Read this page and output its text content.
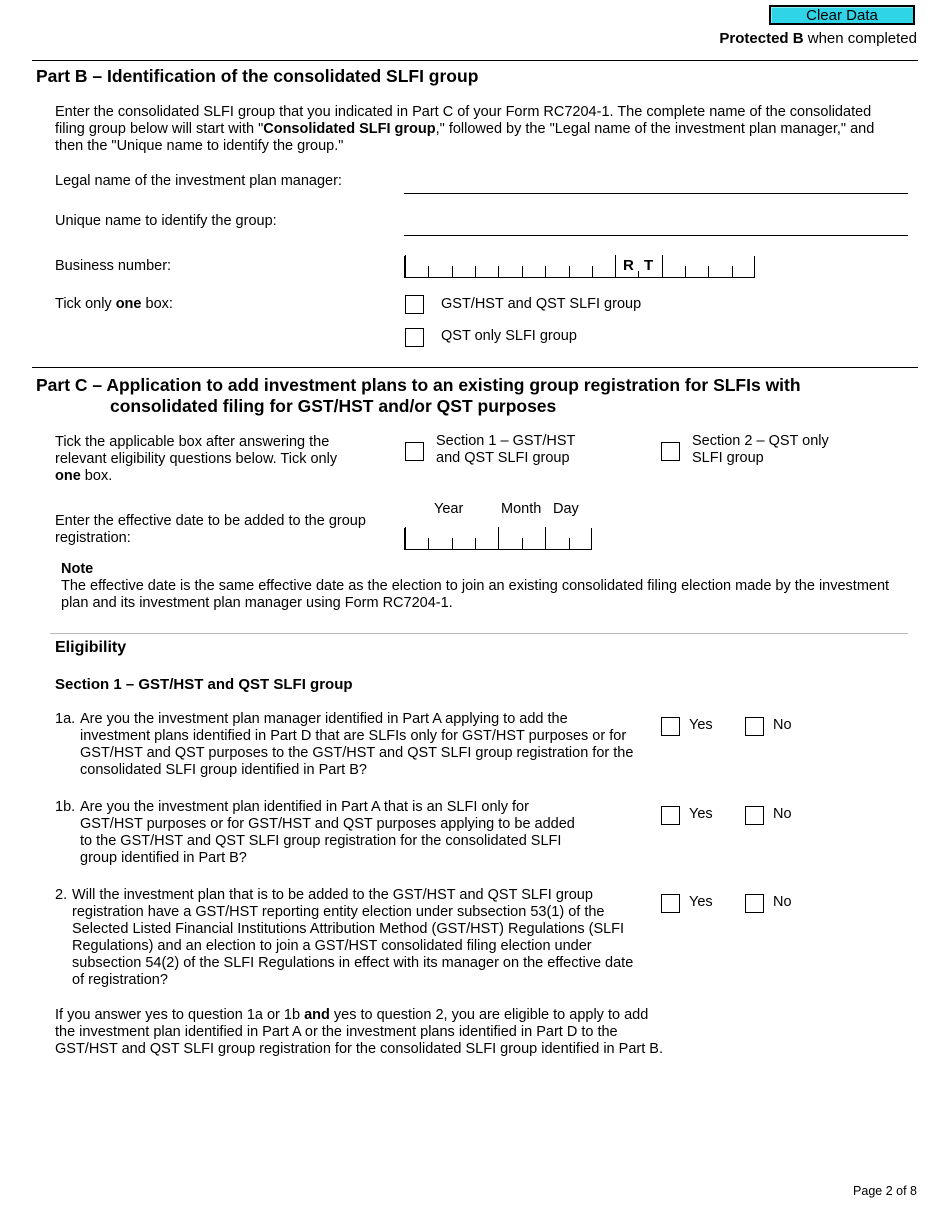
Clear Data
Protected B when completed
Part B – Identification of the consolidated SLFI group
Enter the consolidated SLFI group that you indicated in Part C of your Form RC7204-1. The complete name of the consolidated filing group below will start with "Consolidated SLFI group," followed by the "Legal name of the investment plan manager," and then the "Unique name to identify the group."
Legal name of the investment plan manager:
Unique name to identify the group:
Business number:	R T
Tick only one box:	GST/HST and QST SLFI group
QST only SLFI group
Part C – Application to add investment plans to an existing group registration for SLFIs with
consolidated filing for GST/HST and/or QST purposes
Tick the applicable box after answering the relevant eligibility questions below. Tick only one box.
Section 1 – GST/HST and QST SLFI group
Section 2 – QST only SLFI group
Year	Month Day
Enter the effective date to be added to the group registration:
Note
The effective date is the same effective date as the election to join an existing consolidated filing election made by the investment plan and its investment plan manager using Form RC7204-1.
Eligibility
Section 1 – GST/HST and QST SLFI group
1a. Are you the investment plan manager identified in Part A applying to add the investment plans identified in Part D that are SLFIs only for GST/HST purposes or for GST/HST and QST purposes to the GST/HST and QST SLFI group registration for the consolidated SLFI group identified in Part B?
Yes	No
1b. Are you the investment plan identified in Part A that is an SLFI only for GST/HST purposes or for GST/HST and QST purposes applying to be added to the GST/HST and QST SLFI group registration for the consolidated SLFI group identified in Part B?
Yes	No
2. Will the investment plan that is to be added to the GST/HST and QST SLFI group registration have a GST/HST reporting entity election under subsection 53(1) of the Selected Listed Financial Institutions Attribution Method (GST/HST) Regulations (SLFI Regulations) and an election to join a GST/HST consolidated filing election under subsection 54(2) of the SLFI Regulations in effect with its manager on the effective date of registration?
Yes	No
If you answer yes to question 1a or 1b and yes to question 2, you are eligible to apply to add the investment plan identified in Part A or the investment plans identified in Part D to the GST/HST and QST SLFI group registration for the consolidated SLFI group identified in Part B.
Page 2 of 8
